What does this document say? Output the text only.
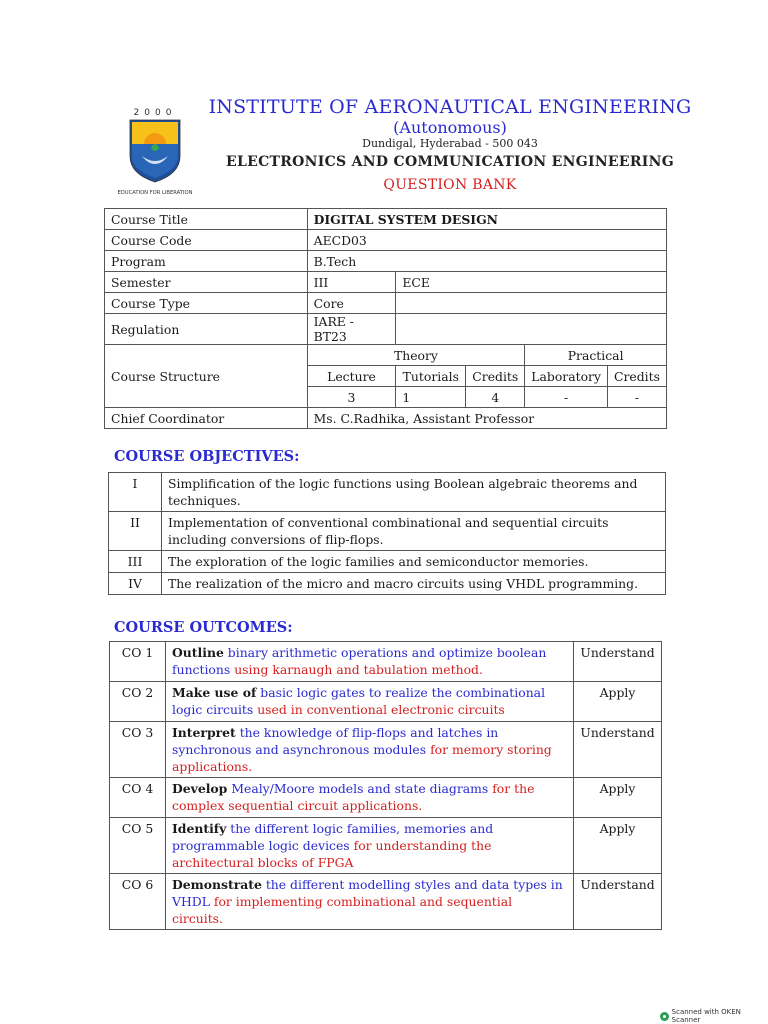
2000
EDUCATION FOR LIBERATION
INSTITUTE OF AERONAUTICAL ENGINEERING
(Autonomous)
Dundigal, Hyderabad - 500 043
ELECTRONICS AND COMMUNICATION ENGINEERING
QUESTION BANK
Course Title	DIGITAL SYSTEM DESIGN				
Course Code	AECD03				
Program	B.Tech				
Semester	III	ECE			
Course Type	Core				
Regulation	IARE - BT23				
Course Structure	Theory			Practical	
	Lecture	Tutorials	Credits	Laboratory	Credits
	3	1	4	-	-
Chief Coordinator	Ms. C.Radhika, Assistant Professor				
COURSE OBJECTIVES:
I	Simplification of the logic functions using Boolean algebraic theorems and techniques.
II	Implementation of conventional combinational and sequential circuits including conversions of flip-flops.
III	The exploration of the logic families and semiconductor memories.
IV	The realization of the micro and macro circuits using VHDL programming.
COURSE OUTCOMES:
CO 1	Outline binary arithmetic operations and optimize boolean functions using karnaugh and tabulation method.	Understand
CO 2	Make use of basic logic gates to realize the combinational logic circuits used in conventional electronic circuits	Apply
CO 3	Interpret the knowledge of flip-flops and latches in synchronous and asynchronous modules for memory storing applications.	Understand
CO 4	Develop Mealy/Moore models and state diagrams for the complex sequential circuit applications.	Apply
CO 5	Identify the different logic families, memories and programmable logic devices for understanding the architectural blocks of FPGA	Apply
CO 6	Demonstrate the different modelling styles and data types in VHDL for implementing combinational and sequential circuits.	Understand
Scanned with OKEN Scanner
